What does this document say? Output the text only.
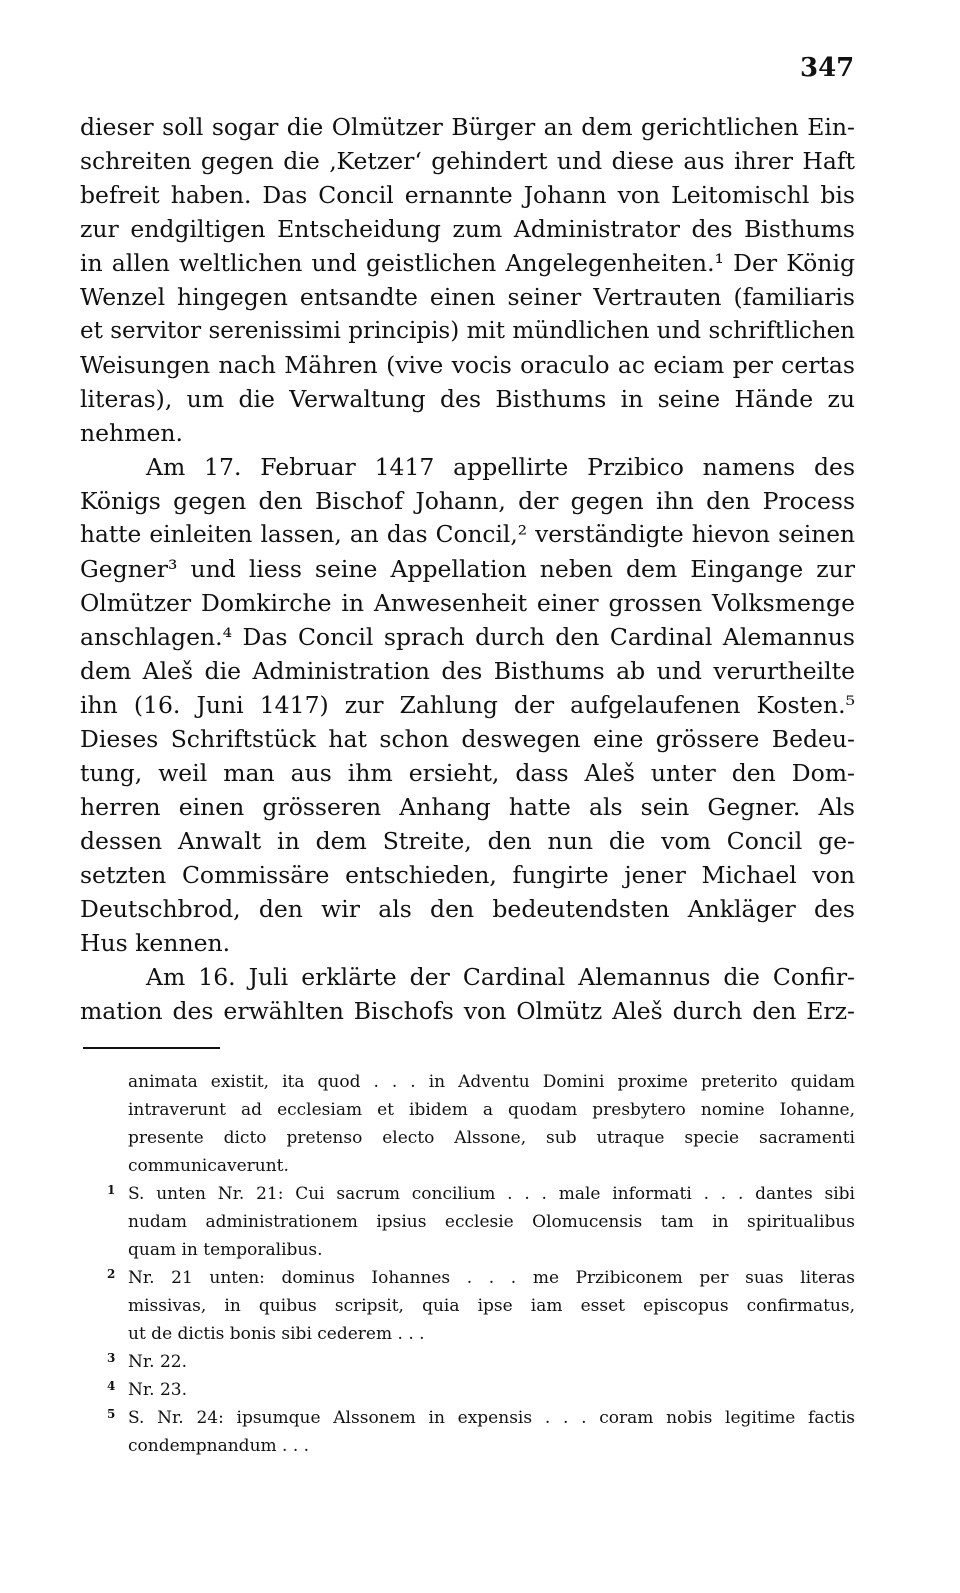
347
dieser soll sogar die Olmützer Bürger an dem gerichtlichen Ein-
schreiten gegen die ‚Ketzer‘ gehindert und diese aus ihrer Haft
befreit haben. Das Concil ernannte Johann von Leitomischl bis
zur endgiltigen Entscheidung zum Administrator des Bisthums
in allen weltlichen und geistlichen Angelegenheiten.¹ Der König
Wenzel hingegen entsandte einen seiner Vertrauten (familiaris
et servitor serenissimi principis) mit mündlichen und schriftlichen
Weisungen nach Mähren (vive vocis oraculo ac eciam per certas
literas), um die Verwaltung des Bisthums in seine Hände zu
nehmen.
Am 17. Februar 1417 appellirte Przibico namens des
Königs gegen den Bischof Johann, der gegen ihn den Process
hatte einleiten lassen, an das Concil,² verständigte hievon seinen
Gegner³ und liess seine Appellation neben dem Eingange zur
Olmützer Domkirche in Anwesenheit einer grossen Volksmenge
anschlagen.⁴ Das Concil sprach durch den Cardinal Alemannus
dem Aleš die Administration des Bisthums ab und verurtheilte
ihn (16. Juni 1417) zur Zahlung der aufgelaufenen Kosten.⁵
Dieses Schriftstück hat schon deswegen eine grössere Bedeu-
tung, weil man aus ihm ersieht, dass Aleš unter den Dom-
herren einen grösseren Anhang hatte als sein Gegner. Als
dessen Anwalt in dem Streite, den nun die vom Concil ge-
setzten Commissäre entschieden, fungirte jener Michael von
Deutschbrod, den wir als den bedeutendsten Ankläger des
Hus kennen.
Am 16. Juli erklärte der Cardinal Alemannus die Confir-
mation des erwählten Bischofs von Olmütz Aleš durch den Erz-
animata existit, ita quod . . . in Adventu Domini proxime preterito quidam
intraverunt ad ecclesiam et ibidem a quodam presbytero nomine Iohanne,
presente dicto pretenso electo Alssone, sub utraque specie sacramenti
communicaverunt.
1 S. unten Nr. 21: Cui sacrum concilium . . . male informati . . . dantes sibi
nudam administrationem ipsius ecclesie Olomucensis tam in spiritualibus
quam in temporalibus.
2 Nr. 21 unten: dominus Iohannes . . . me Przibiconem per suas literas
missivas, in quibus scripsit, quia ipse iam esset episcopus confirmatus,
ut de dictis bonis sibi cederem . . .
3 Nr. 22.
4 Nr. 23.
5 S. Nr. 24: ipsumque Alssonem in expensis . . . coram nobis legitime factis
condempnandum . . .
